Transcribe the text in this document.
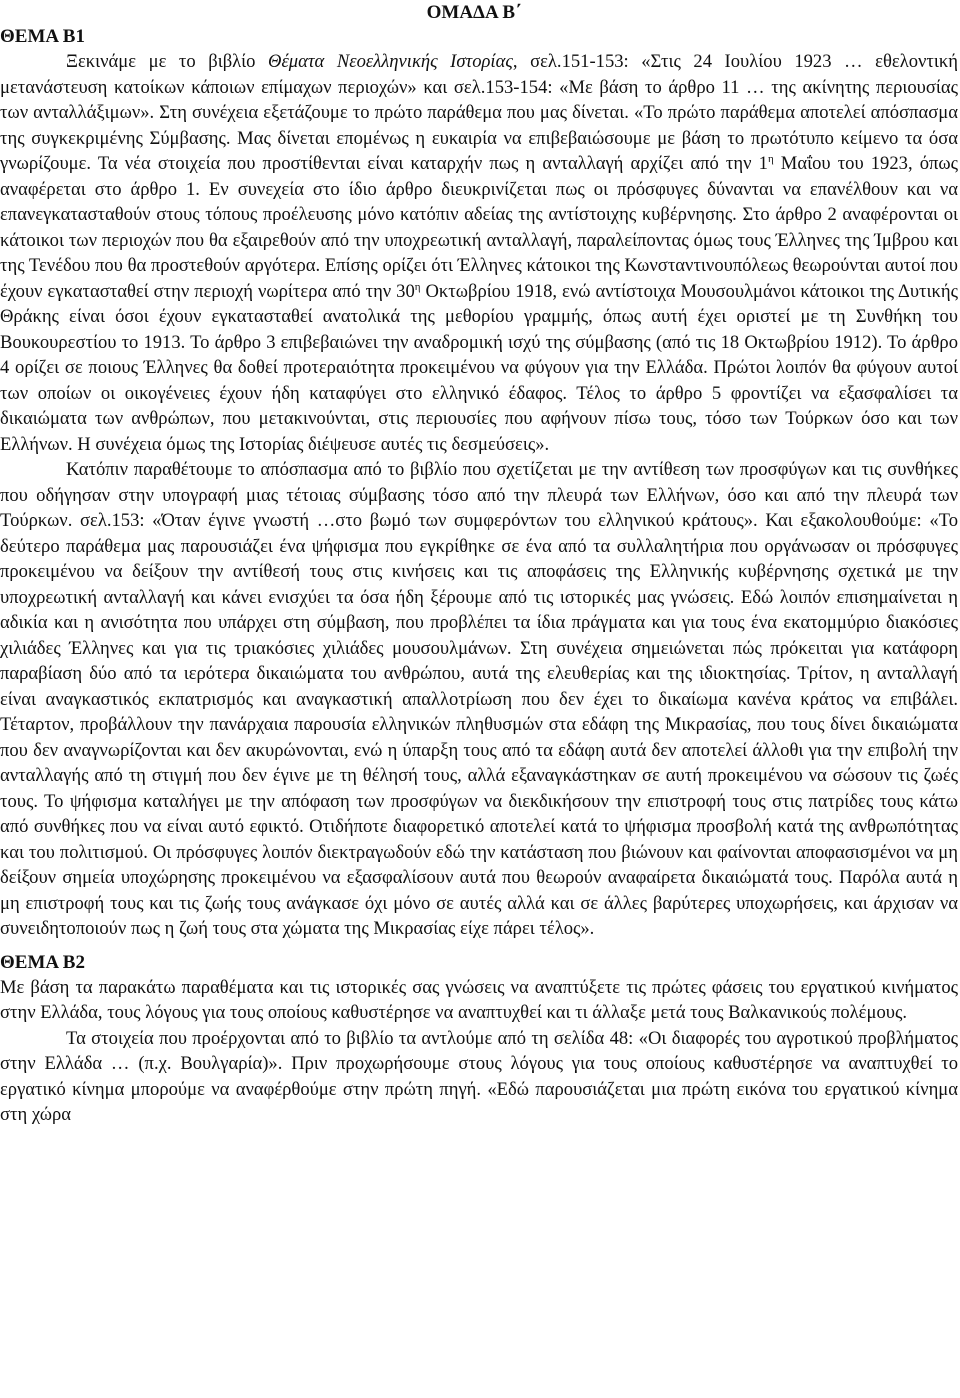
ΟΜΑΔΑ Β΄
ΘΕΜΑ Β1

Ξεκινάμε με το βιβλίο Θέματα Νεοελληνικής Ιστορίας, σελ.151-153: «Στις 24 Ιουλίου 1923 … εθελοντική μετανάστευση κατοίκων κάποιων επίμαχων περιοχών» και σελ.153-154: «Με βάση το άρθρο 11 … της ακίνητης περιουσίας των ανταλλάξιμων». Στη συνέχεια εξετάζουμε το πρώτο παράθεμα που μας δίνεται. «Το πρώτο παράθεμα αποτελεί απόσπασμα της συγκεκριμένης Σύμβασης. Μας δίνεται επομένως η ευκαιρία να επιβεβαιώσουμε με βάση το πρωτότυπο κείμενο τα όσα γνωρίζουμε. Τα νέα στοιχεία που προστίθενται είναι καταρχήν πως η ανταλλαγή αρχίζει από την $1^\eta$ Μαΐου του 1923, όπως αναφέρεται στο άρθρο 1. Εν συνεχεία στο ίδιο άρθρο διευκρινίζεται πως οι πρόσφυγες δύνανται να επανέλθουν και να επανεγκατασταθούν στους τόπους προέλευσης μόνο κατόπιν αδείας της αντίστοιχης κυβέρνησης. Στο άρθρο 2 αναφέρονται οι κάτοικοι των περιοχών που θα εξαιρεθούν από την υποχρεωτική ανταλλαγή, παραλείποντας όμως τους Έλληνες της Ίμβρου και της Τενέδου που θα προστεθούν αργότερα. Επίσης ορίζει ότι Έλληνες κάτοικοι της Κωνσταντινουπόλεως θεωρούνται αυτοί που έχουν εγκατασταθεί στην περιοχή νωρίτερα από την $30^\eta$ Οκτωβρίου 1918, ενώ αντίστοιχα Μουσουλμάνοι κάτοικοι της Δυτικής Θράκης είναι όσοι έχουν εγκατασταθεί ανατολικά της μεθορίου γραμμής, όπως αυτή έχει οριστεί με τη Συνθήκη του Βουκουρεστίου το 1913. Το άρθρο 3 επιβεβαιώνει την αναδρομική ισχύ της σύμβασης (από τις 18 Οκτωβρίου 1912). Το άρθρο 4 ορίζει σε ποιους Έλληνες θα δοθεί προτεραιότητα προκειμένου να φύγουν για την Ελλάδα. Πρώτοι λοιπόν θα φύγουν αυτοί των οποίων οι οικογένειες έχουν ήδη καταφύγει στο ελληνικό έδαφος. Τέλος το άρθρο 5 φροντίζει να εξασφαλίσει τα δικαιώματα των ανθρώπων, που μετακινούνται, στις περιουσίες που αφήνουν πίσω τους, τόσο των Τούρκων όσο και των Ελλήνων. Η συνέχεια όμως της Ιστορίας διέψευσε αυτές τις δεσμεύσεις».

Κατόπιν παραθέτουμε το απόσπασμα από το βιβλίο που σχετίζεται με την αντίθεση των προσφύγων και τις συνθήκες που οδήγησαν στην υπογραφή μιας τέτοιας σύμβασης τόσο από την πλευρά των Ελλήνων, όσο και από την πλευρά των Τούρκων. σελ.153: «Όταν έγινε γνωστή …στο βωμό των συμφερόντων του ελληνικού κράτους». Και εξακολουθούμε: «Το δεύτερο παράθεμα μας παρουσιάζει ένα ψήφισμα που εγκρίθηκε σε ένα από τα συλλαλητήρια που οργάνωσαν οι πρόσφυγες προκειμένου να δείξουν την αντίθεσή τους στις κινήσεις και τις αποφάσεις της Ελληνικής κυβέρνησης σχετικά με την υποχρεωτική ανταλλαγή και κάνει ενισχύει τα όσα ήδη ξέρουμε από τις ιστορικές μας γνώσεις. Εδώ λοιπόν επισημαίνεται η αδικία και η ανισότητα που υπάρχει στη σύμβαση, που προβλέπει τα ίδια πράγματα και για τους ένα εκατομμύριο διακόσιες χιλιάδες Έλληνες και για τις τριακόσιες χιλιάδες μουσουλμάνων. Στη συνέχεια σημειώνεται πώς πρόκειται για κατάφορη παραβίαση δύο από τα ιερότερα δικαιώματα του ανθρώπου, αυτά της ελευθερίας και της ιδιοκτησίας. Τρίτον, η ανταλλαγή είναι αναγκαστικός εκπατρισμός και αναγκαστική απαλλοτρίωση που δεν έχει το δικαίωμα κανένα κράτος να επιβάλει. Τέταρτον, προβάλλουν την πανάρχαια παρουσία ελληνικών πληθυσμών στα εδάφη της Μικρασίας, που τους δίνει δικαιώματα που δεν αναγνωρίζονται και δεν ακυρώνονται, ενώ η ύπαρξη τους από τα εδάφη αυτά δεν αποτελεί άλλοθι για την επιβολή την ανταλλαγής από τη στιγμή που δεν έγινε με τη θέλησή τους, αλλά εξαναγκάστηκαν σε αυτή προκειμένου να σώσουν τις ζωές τους. Το ψήφισμα καταλήγει με την απόφαση των προσφύγων να διεκδικήσουν την επιστροφή τους στις πατρίδες τους κάτω από συνθήκες που να είναι αυτό εφικτό. Οτιδήποτε διαφορετικό αποτελεί κατά το ψήφισμα προσβολή κατά της ανθρωπότητας και του πολιτισμού. Οι πρόσφυγες λοιπόν διεκτραγωδούν εδώ την κατάσταση που βιώνουν και φαίνονται αποφασισμένοι να μη δείξουν σημεία υποχώρησης προκειμένου να εξασφαλίσουν αυτά που θεωρούν αναφαίρετα δικαιώματά τους. Παρόλα αυτά η μη επιστροφή τους και τις ζωής τους ανάγκασε όχι μόνο σε αυτές αλλά και σε άλλες βαρύτερες υποχωρήσεις, και άρχισαν να συνειδητοποιούν πως η ζωή τους στα χώματα της Μικρασίας είχε πάρει τέλος».

ΘΕΜΑ Β2

Με βάση τα παρακάτω παραθέματα και τις ιστορικές σας γνώσεις να αναπτύξετε τις πρώτες φάσεις του εργατικού κινήματος στην Ελλάδα, τους λόγους για τους οποίους καθυστέρησε να αναπτυχθεί και τι άλλαξε μετά τους Βαλκανικούς πολέμους.

Τα στοιχεία που προέρχονται από το βιβλίο τα αντλούμε από τη σελίδα 48: «Οι διαφορές του αγροτικού προβλήματος στην Ελλάδα … (π.χ. Βουλγαρία)». Πριν προχωρήσουμε στους λόγους για τους οποίους καθυστέρησε να αναπτυχθεί το εργατικό κίνημα μπορούμε να αναφέρθούμε στην πρώτη πηγή. «Εδώ παρουσιάζεται μια πρώτη εικόνα του εργατικού κίνημα στη χώρα
